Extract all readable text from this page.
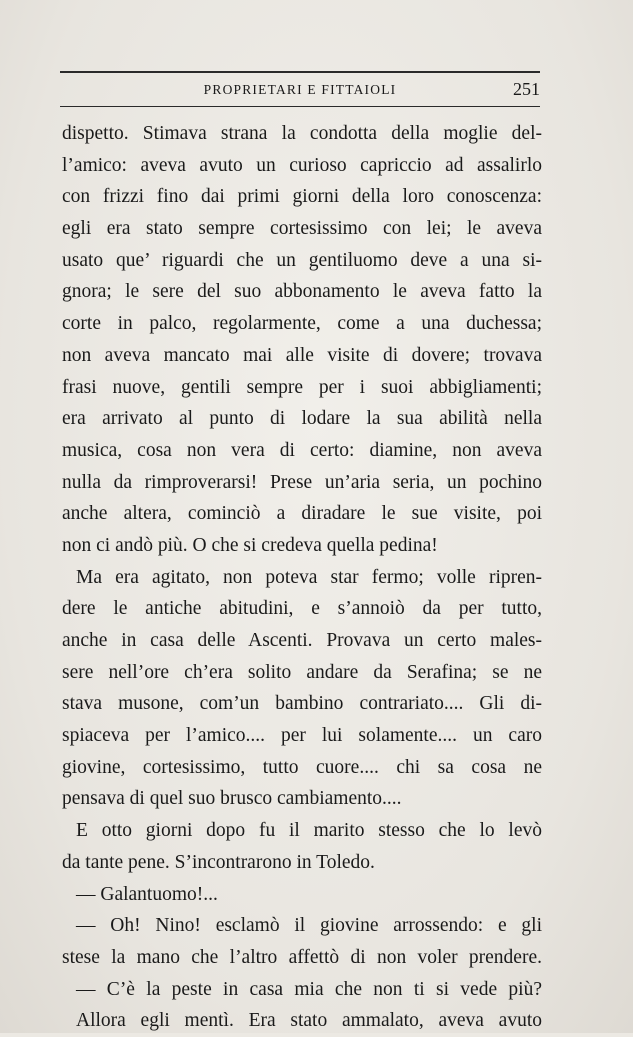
PROPRIETARI E FITTAIOLI	251
dispetto. Stimava strana la condotta della moglie del-
l’amico: aveva avuto un curioso capriccio ad assalirlo
con frizzi fino dai primi giorni della loro conoscenza:
egli era stato sempre cortesissimo con lei; le aveva
usato que’ riguardi che un gentiluomo deve a una si-
gnora; le sere del suo abbonamento le aveva fatto la
corte in palco, regolarmente, come a una duchessa;
non aveva mancato mai alle visite di dovere; trovava
frasi nuove, gentili sempre per i suoi abbigliamenti;
era arrivato al punto di lodare la sua abilità nella
musica, cosa non vera di certo: diamine, non aveva
nulla da rimproverarsi! Prese un’aria seria, un pochino
anche altera, cominciò a diradare le sue visite, poi
non ci andò più. O che si credeva quella pedina!
Ma era agitato, non poteva star fermo; volle ripren-
dere le antiche abitudini, e s’annoiò da per tutto,
anche in casa delle Ascenti. Provava un certo males-
sere nell’ore ch’era solito andare da Serafina; se ne
stava musone, com’un bambino contrariato.... Gli di-
spiaceva per l’amico.... per lui solamente.... un caro
giovine, cortesissimo, tutto cuore.... chi sa cosa ne
pensava di quel suo brusco cambiamento....
E otto giorni dopo fu il marito stesso che lo levò
da tante pene. S’incontrarono in Toledo.
— Galantuomo!...
— Oh! Nino! esclamò il giovine arrossendo: e gli
stese la mano che l’altro affettò di non voler prendere.
— C’è la peste in casa mia che non ti si vede più?
Allora egli mentì. Era stato ammalato, aveva avuto
